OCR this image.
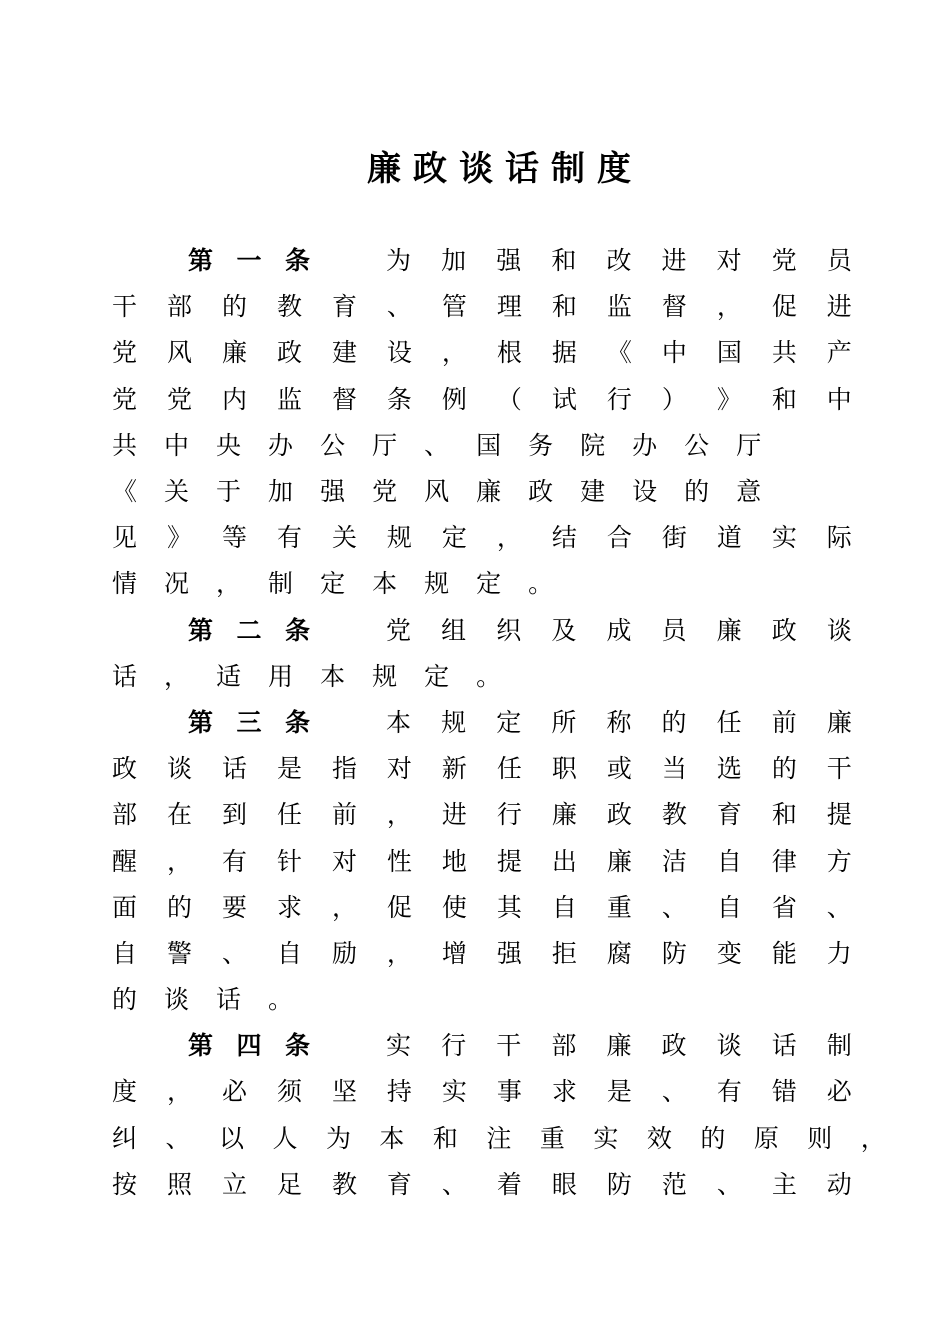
廉政谈话制度
第 一 条	为 加 强 和 改 进 对 党 员
干 部 的 教 育 、 管 理 和 监 督 ， 促 进
党 风 廉 政 建 设 ， 根 据 《 中 国 共 产
党 党 内 监 督 条 例 （ 试 行 ） 》 和 中
共 中 央 办 公 厅 、 国 务 院 办 公 厅
《 关 于 加 强 党 风 廉 政 建 设 的 意
见 》 等 有 关 规 定 ， 结 合 街 道 实 际
情 况 ， 制 定 本 规 定 。
第 二 条	党 组 织 及 成 员 廉 政 谈
话 ， 适 用 本 规 定 。
第 三 条	本 规 定 所 称 的 任 前 廉
政 谈 话 是 指 对 新 任 职 或 当 选 的 干
部 在 到 任 前 ， 进 行 廉 政 教 育 和 提
醒 ， 有 针 对 性 地 提 出 廉 洁 自 律 方
面 的 要 求 ， 促 使 其 自 重 、 自 省 、
自 警 、 自 励 ， 增 强 拒 腐 防 变 能 力
的 谈 话 。
第 四 条	实 行 干 部 廉 政 谈 话 制
度 ， 必 须 坚 持 实 事 求 是 、 有 错 必
纠 、 以 人 为 本 和 注 重 实 效 的 原 则 ，
按 照 立 足 教 育 、 着 眼 防 范 、 主 动
